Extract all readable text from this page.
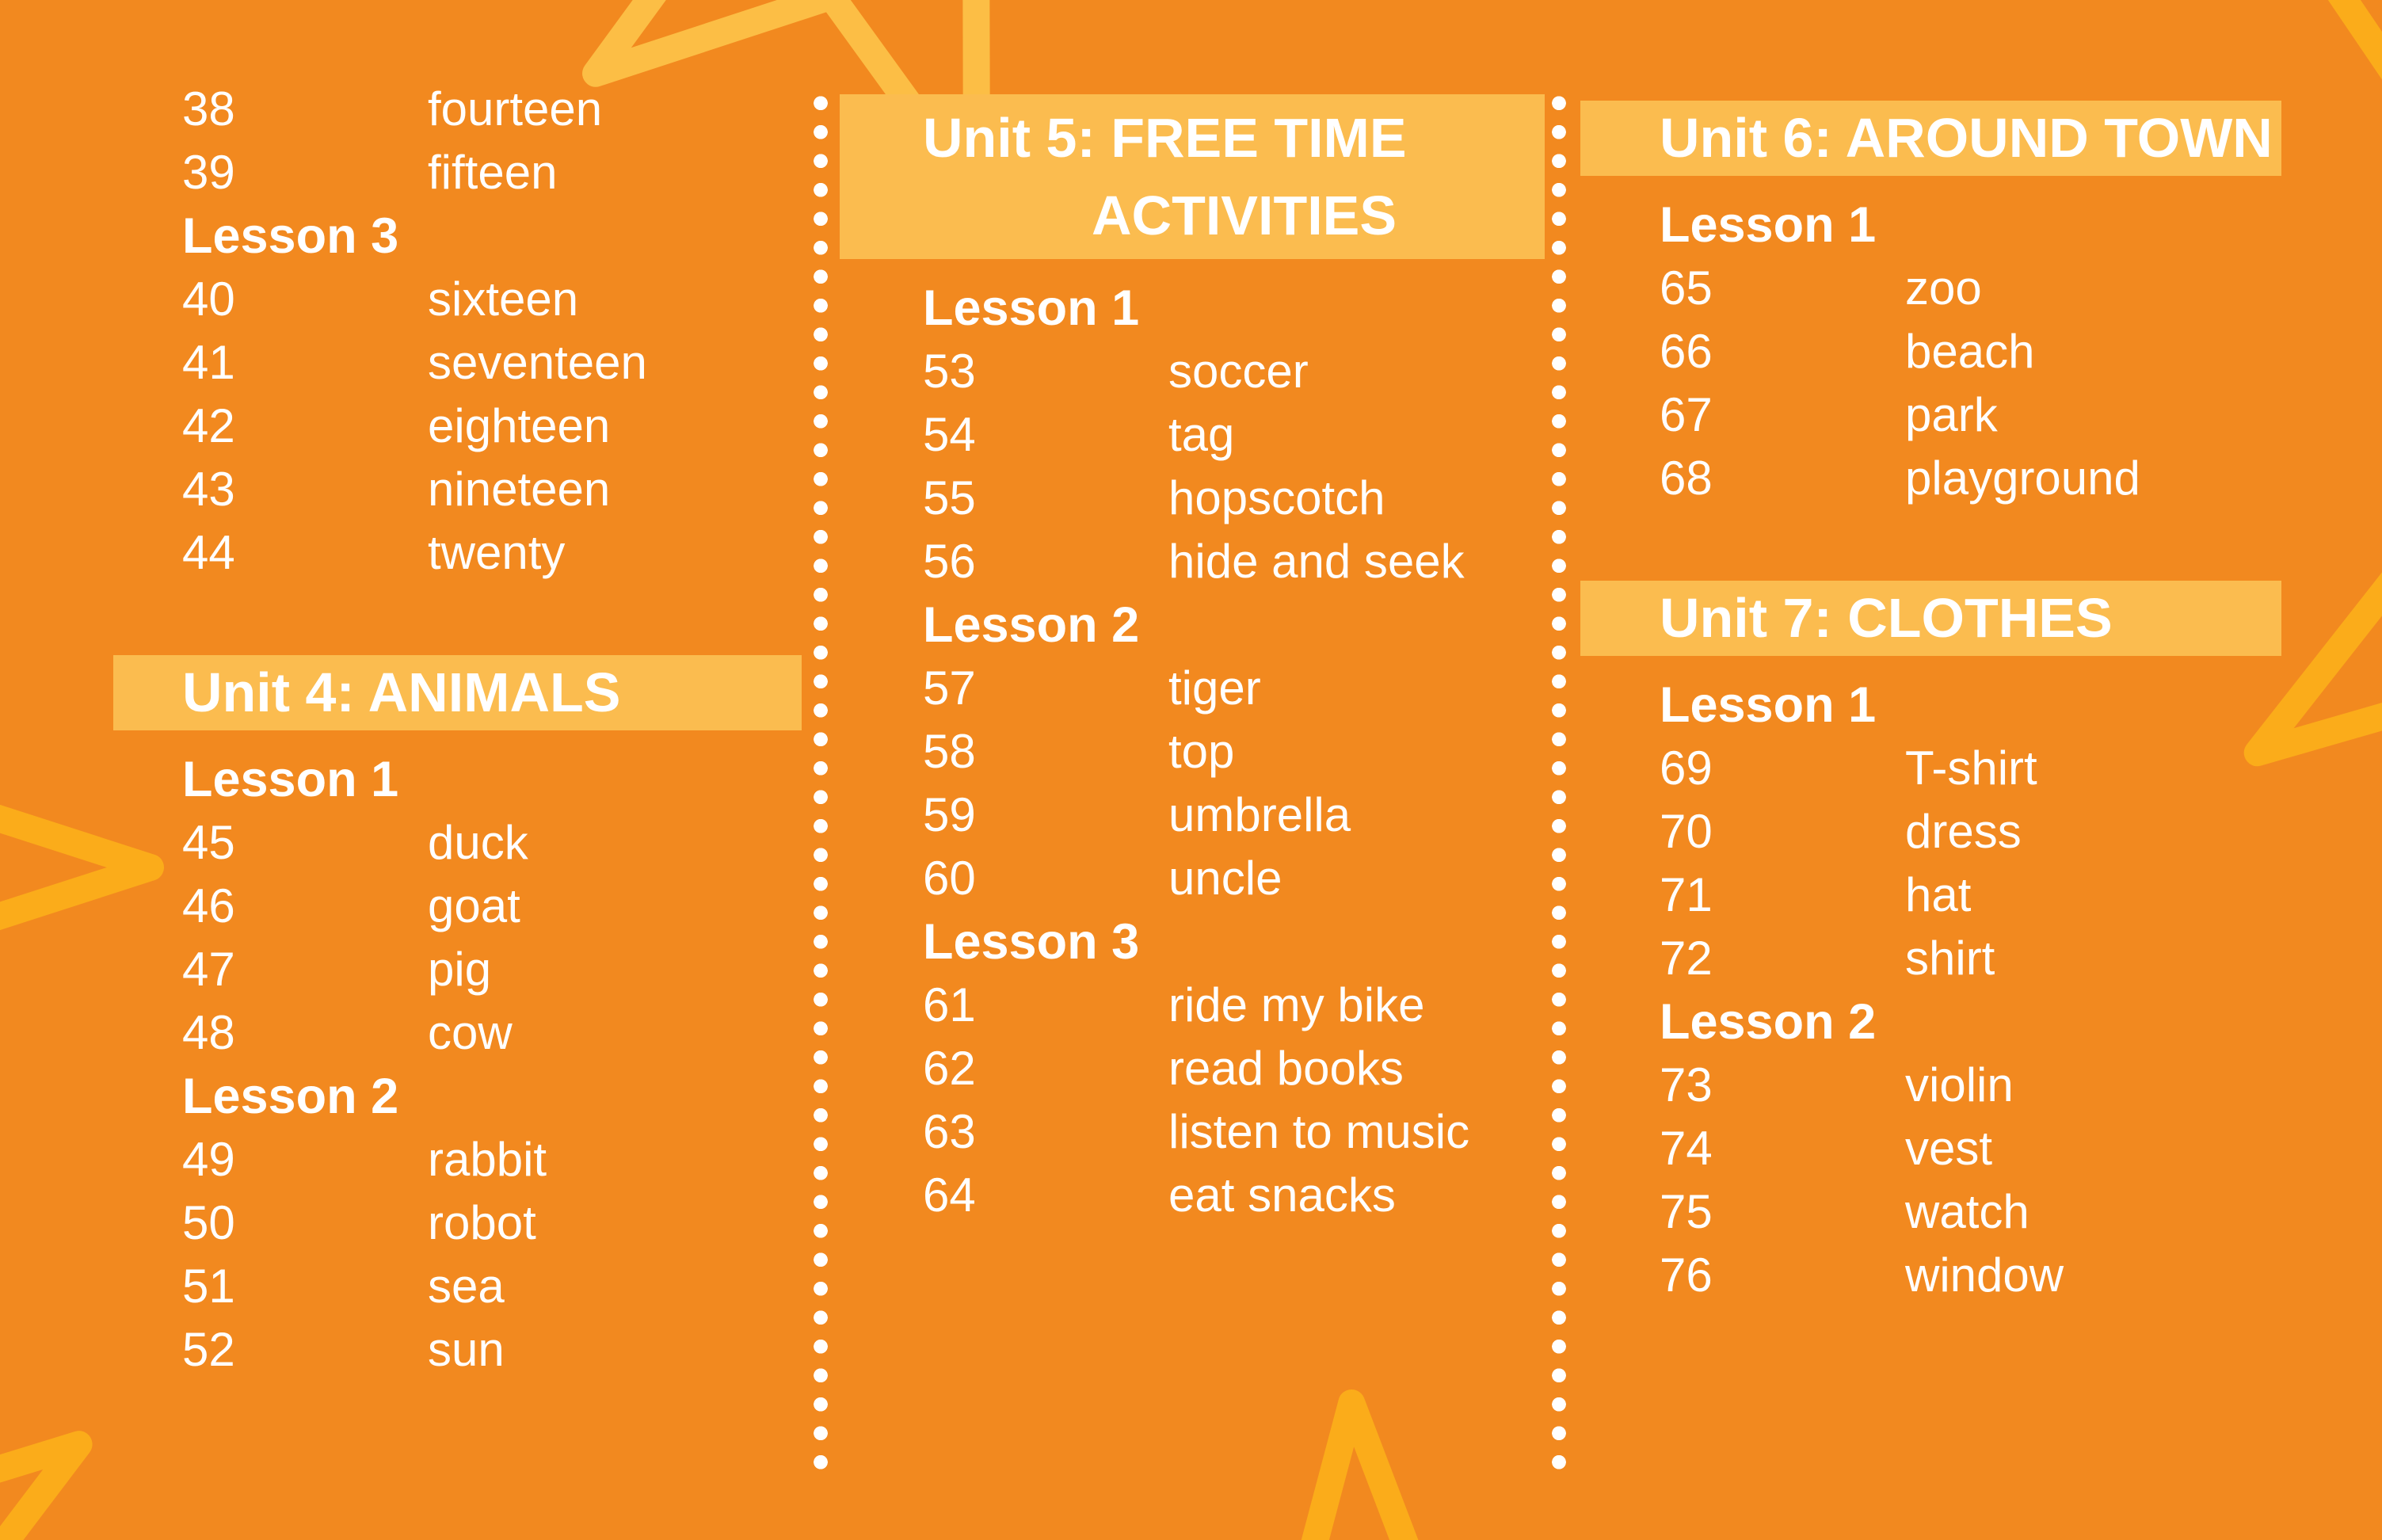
38	fourteen
39	fifteen
Lesson 3
40	sixteen
41	seventeen
42	eighteen
43	nineteen
44	twenty
Unit 4: ANIMALS
Lesson 1
45	duck
46	goat
47	pig
48	cow
Lesson 2
49	rabbit
50	robot
51	sea
52	sun
Unit 5: FREE TIME
ACTIVITIES
Lesson 1
53	soccer
54	tag
55	hopscotch
56	hide and seek
Lesson 2
57	tiger
58	top
59	umbrella
60	uncle
Lesson 3
61	ride my bike
62	read books
63	listen to music
64	eat snacks
Unit 6: AROUND TOWN
Lesson 1
65	zoo
66	beach
67	park
68	playground
Unit 7: CLOTHES
Lesson 1
69	T-shirt
70	dress
71	hat
72	shirt
Lesson 2
73	violin
74	vest
75	watch
76	window
